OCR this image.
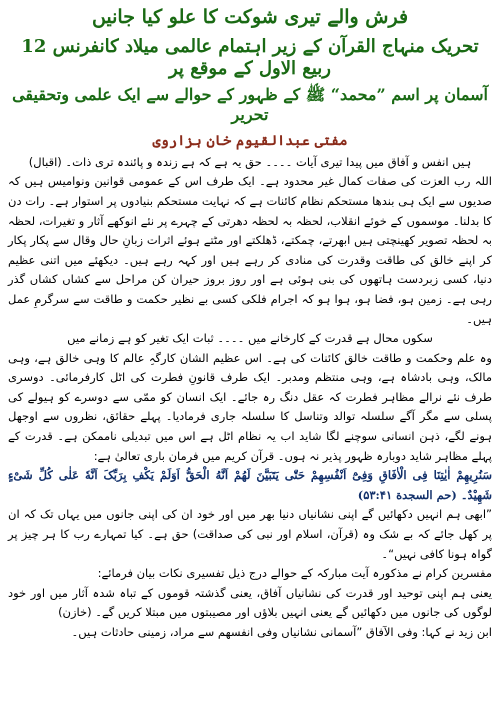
فرش والے تیری شوکت کا علو کیا جانیں
تحریک منہاج القرآن کے زیر اہتمام عالمی میلاد کانفرنس 12 ربیع الاول کے موقع پر
آسمان پر اسم ”محمد“ ﷺ کے ظہور کے حوالے سے ایک علمی وتحقیقی تحریر
مفتی عبدالقیوم خان ہزاروی

ہیں انفس و آفاق میں پیدا تیری آیات ۔۔۔۔ حق یہ ہے کہ ہے زندہ و پائندہ تری ذات۔ (اقبال)

اللہ رب العزت کی صفات کمال غیر محدود ہے۔ ایک طرف اس کے عمومی قوانین ونوامیس ہیں کہ صدیوں سے ایک ہی بندھا مستحکم نظام کائنات ہے کہ نہایت مستحکم بنیادوں پر استوار ہے۔ رات دن کا بدلنا۔ موسموں کے خوئے انقلاب، لحظہ بہ لحظہ دھرتی کے چہرے پر نئے انوکھے آثار و تغیرات، لحظہ بہ لحظہ تصویر کھینچتی ہیں ابھرتے، چمکتے، ڈھلکتے اور مٹتے ہوئے اثرات زبانِ حال وقال سے پکار پکار کر اپنے خالق کی طاقت وقدرت کی منادی کر رہے ہیں اور کہہ رہے ہیں۔ دیکھئے میں اتنی عظیم دنیا، کسی زبردست ہاتھوں کی بنی ہوئی ہے اور روز بروز حیران کن مراحل سے کشاں کشاں گذر رہی ہے۔ زمین ہو، فضا ہو، ہوا ہو کہ اجرام فلکی کسی بے نظیر حکمت و طاقت سے سرگرمِ عمل ہیں۔

سکوں محال ہے قدرت کے کارخانے میں ۔۔۔۔ ثبات ایک تغیر کو ہے زمانے میں

وہ علم وحکمت و طاقت خالق کائنات کی ہے۔ اس عظیم الشان کارگہِ عالم کا وہی خالق ہے، وہی مالک، وہی بادشاہ ہے، وہی منتظم ومدبر۔ ایک طرف قانونِ فطرت کی اٹل کارفرمائی۔ دوسری طرف نئے نرالے مظاہر فطرت کہ عقل دنگ رہ جائے۔ ایک انسان کو ممّی سے دوسرے کو ہیولے کی پسلی سے مگر آگے سلسلہ توالد وتناسل کا سلسلہ جاری فرمادیا۔ پہلے حقائق، نظروں سے اوجھل ہونے لگے، ذہن انسانی سوچنے لگا شاید اب یہ نظام اٹل ہے اس میں تبدیلی ناممکن ہے۔ قدرت کے پہلے مظاہر شاید دوبارہ ظہور پذیر نہ ہوں۔ قرآن کریم میں فرمان باری تعالیٰ ہے:

سَنُرِیهِمْ اٰیٰتِنَا فِی الْاٰفَاقِ وَفِیْٓ اَنْفُسِهِمْ حَتّٰی یَتَبَیَّنَ لَهُمْ اَنَّهُ الْحَقُّ اَوَلَمْ یَکْفِ بِرَبِّکَ اَنَّهٗ عَلٰی کُلِّ شَیْءٍ شَهِیْدٌ۔ (حم السجدة ۵۳:۴۱)

”ابھی ہم انہیں دکھائیں گے اپنی نشانیاں دنیا بھر میں اور خود ان کی اپنی جانوں میں یہاں تک کہ ان پر کھل جائے کہ بے شک وہ (قرآن، اسلام اور نبی کی صداقت) حق ہے۔ کیا تمہارے رب کا ہر چیز پر گواہ ہونا کافی نہیں“۔

مفسرین کرام نے مذکورہ آیت مبارکہ کے حوالے درج ذیل تفسیری نکات بیان فرمائے:

یعنی ہم اپنی توحید اور قدرت کی نشانیاں آفاق، یعنی گذشتہ قوموں کے تباہ شدہ آثار میں اور خود لوگوں کی جانوں میں دکھائیں گے یعنی انہیں بلاؤں اور مصیبتوں میں مبتلا کریں گے۔ (خازن)

ابن زید نے کہا: وفی الآفاق ”آسمانی نشانیاں وفی انفسهم سے مراد، زمینی حادثات ہیں۔
